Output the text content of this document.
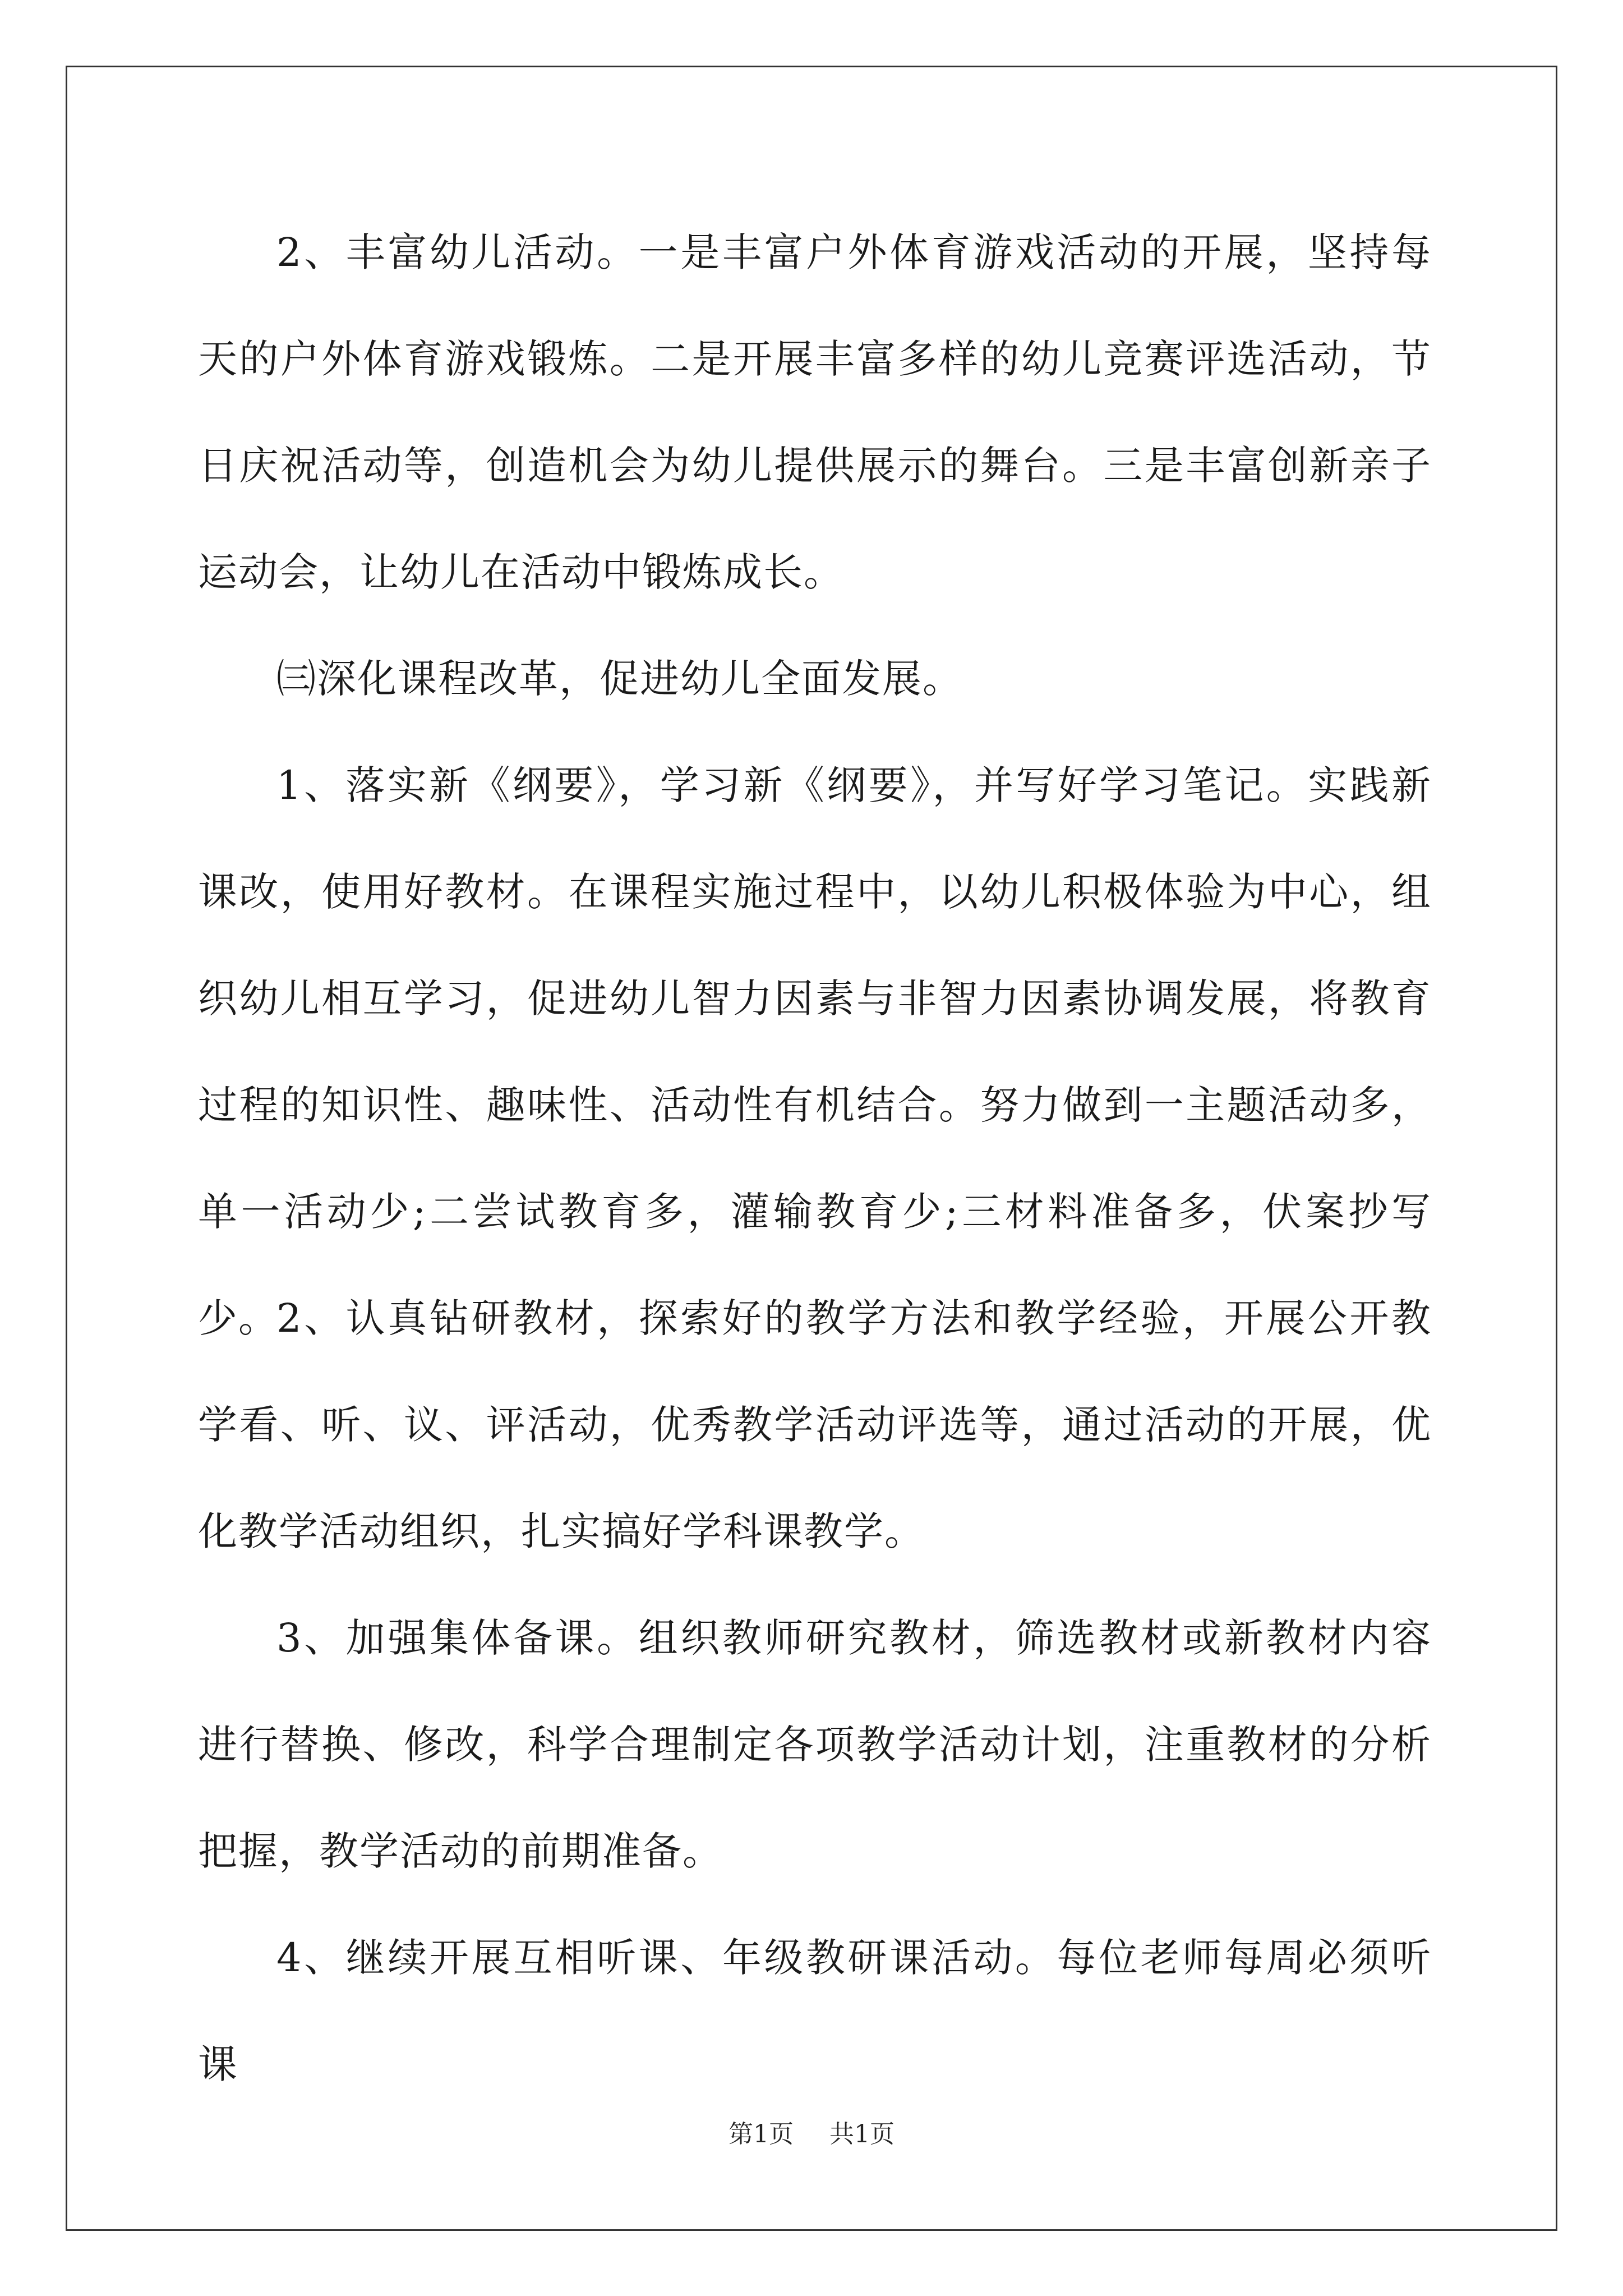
2、丰富幼儿活动。一是丰富户外体育游戏活动的开展，坚持每天的户外体育游戏锻炼。二是开展丰富多样的幼儿竞赛评选活动，节日庆祝活动等，创造机会为幼儿提供展示的舞台。三是丰富创新亲子运动会，让幼儿在活动中锻炼成长。

㈢深化课程改革，促进幼儿全面发展。

1、落实新《纲要》，学习新《纲要》，并写好学习笔记。实践新课改，使用好教材。在课程实施过程中，以幼儿积极体验为中心，组织幼儿相互学习，促进幼儿智力因素与非智力因素协调发展，将教育过程的知识性、趣味性、活动性有机结合。努力做到一主题活动多，单一活动少;二尝试教育多，灌输教育少;三材料准备多，伏案抄写少。

2、认真钻研教材，探索好的教学方法和教学经验，开展公开教学看、听、议、评活动，优秀教学活动评选等，通过活动的开展，优化教学活动组织，扎实搞好学科课教学。

3、加强集体备课。组织教师研究教材，筛选教材或新教材内容进行替换、修改，科学合理制定各项教学活动计划，注重教材的分析把握，教学活动的前期准备。

4、继续开展互相听课、年级教研课活动。每位老师每周必须听课

第1页 共1页
